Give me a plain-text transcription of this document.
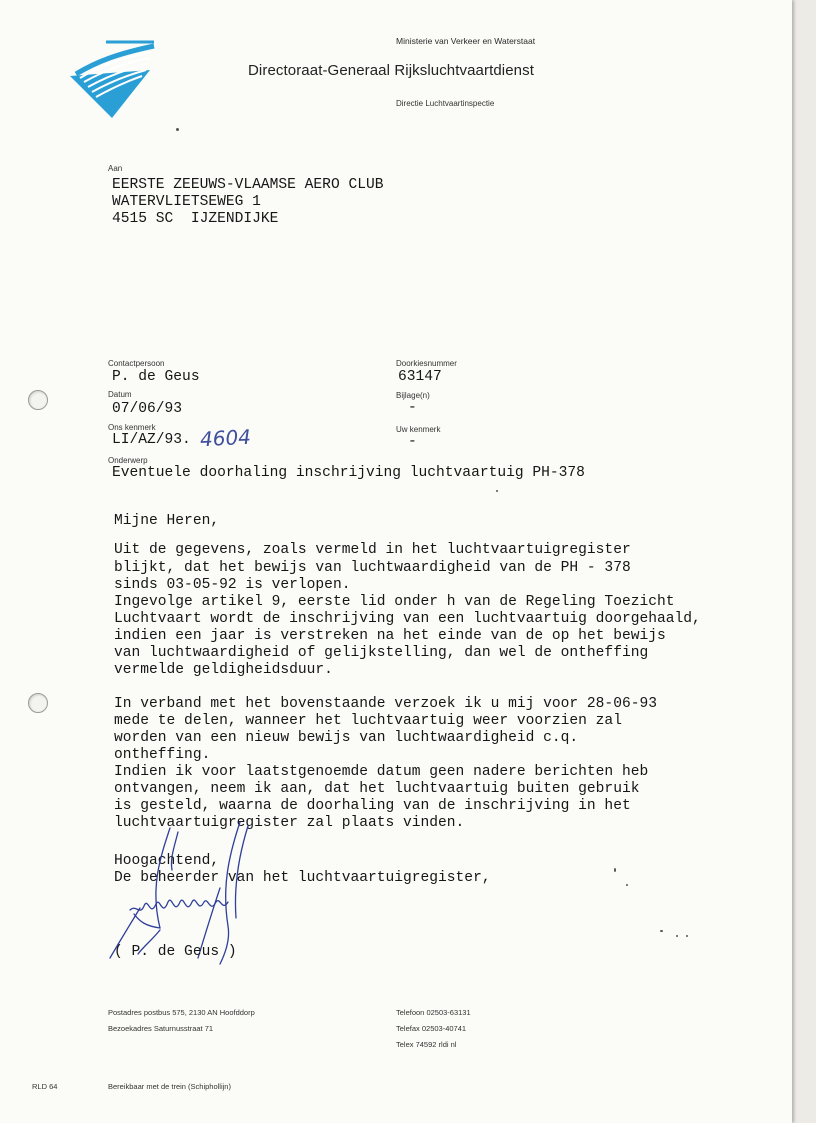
Ministerie van Verkeer en Waterstaat
Directoraat-Generaal Rijksluchtvaartdienst
Directie Luchtvaartinspectie
Aan
EERSTE ZEEUWS-VLAAMSE AERO CLUB
WATERVLIETSEWEG 1
4515 SC  IJZENDIJKE
Contactpersoon
P. de Geus
Datum
07/06/93
Ons kenmerk
LI/AZ/93. 4604
Onderwerp
Eventuele doorhaling inschrijving luchtvaartuig PH-378
Doorkiesnummer
63147
Bijlage(n)
-
Uw kenmerk
-
Mijne Heren,
Uit de gegevens, zoals vermeld in het luchtvaartuigregister
blijkt, dat het bewijs van luchtwaardigheid van de PH - 378
sinds 03-05-92 is verlopen.
Ingevolge artikel 9, eerste lid onder h van de Regeling Toezicht
Luchtvaart wordt de inschrijving van een luchtvaartuig doorgehaald,
indien een jaar is verstreken na het einde van de op het bewijs
van luchtwaardigheid of gelijkstelling, dan wel de ontheffing
vermelde geldigheidsduur.
In verband met het bovenstaande verzoek ik u mij voor 28-06-93
mede te delen, wanneer het luchtvaartuig weer voorzien zal
worden van een nieuw bewijs van luchtwaardigheid c.q.
ontheffing.
Indien ik voor laatstgenoemde datum geen nadere berichten heb
ontvangen, neem ik aan, dat het luchtvaartuig buiten gebruik
is gesteld, waarna de doorhaling van de inschrijving in het
luchtvaartuigregister zal plaats vinden.
Hoogachtend,
De beheerder van het luchtvaartuigregister,
( P. de Geus )
Postadres postbus 575, 2130 AN Hoofddorp
Bezoekadres Saturnusstraat 71
Telefoon 02503-63131
Telefax 02503-40741
Telex 74592 rldi nl
RLD 64	Bereikbaar met de trein (Schiphollĳn)
